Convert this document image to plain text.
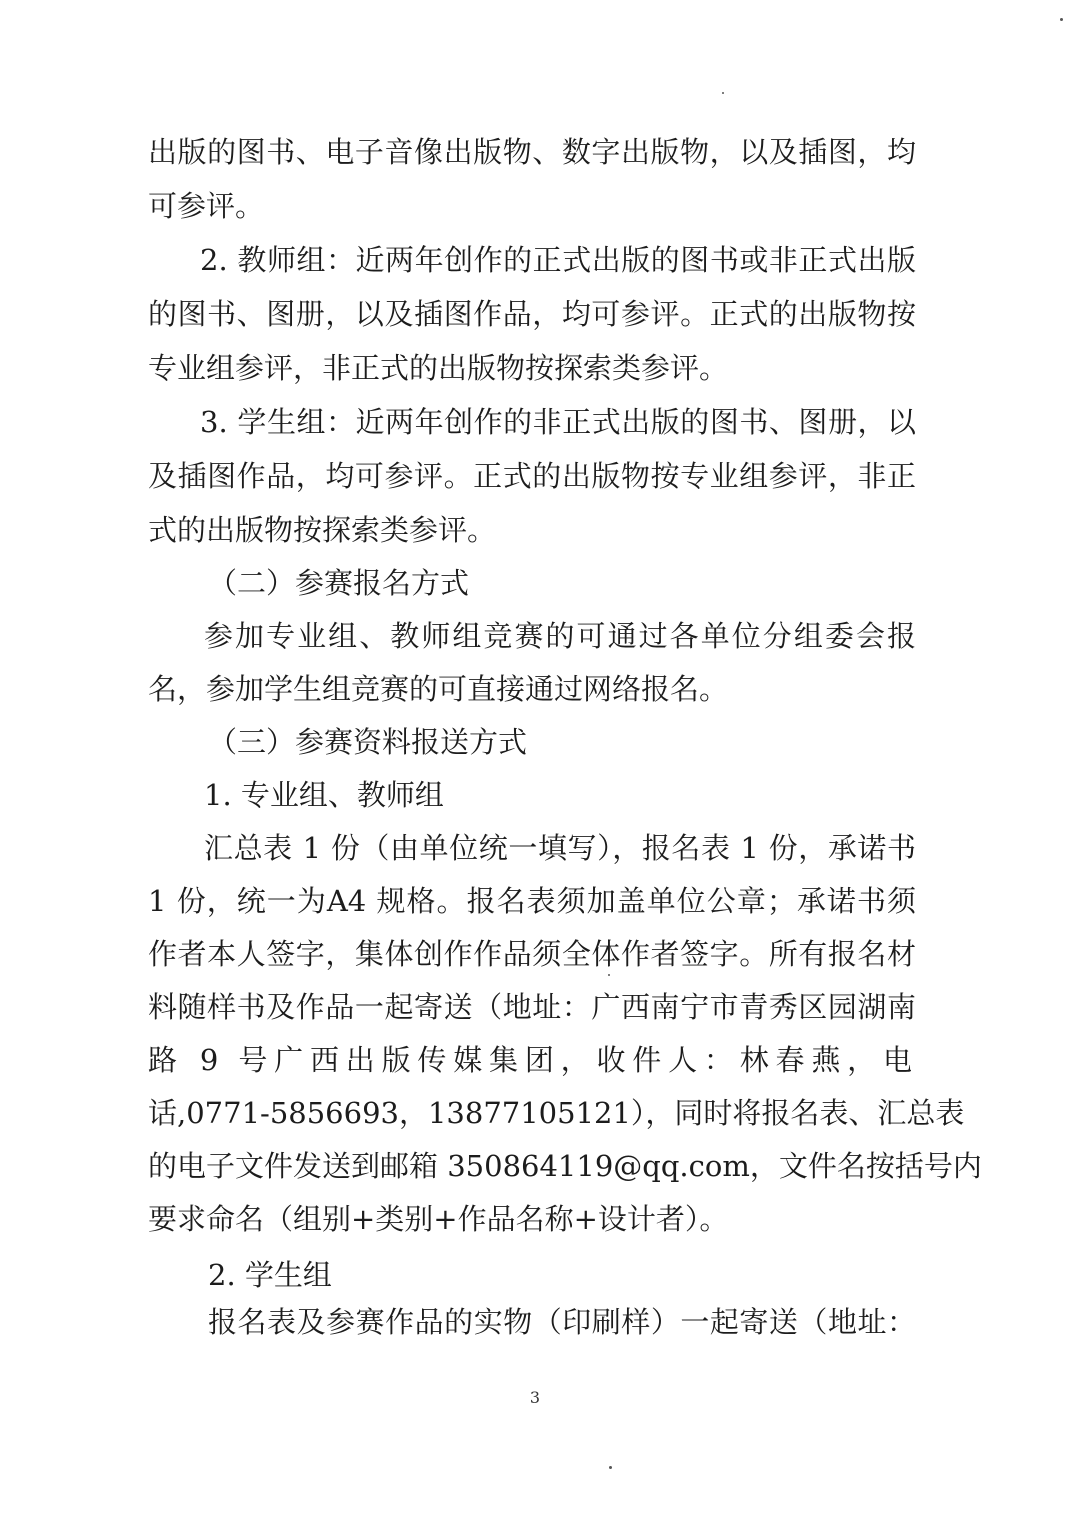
出版的图书、电子音像出版物、数字出版物，以及插图，均

可参评。

2. 教师组：近两年创作的正式出版的图书或非正式出版

的图书、图册，以及插图作品，均可参评。正式的出版物按

专业组参评，非正式的出版物按探索类参评。

3. 学生组：近两年创作的非正式出版的图书、图册，以

及插图作品，均可参评。正式的出版物按专业组参评，非正

式的出版物按探索类参评。

（二）参赛报名方式

参加专业组、教师组竞赛的可通过各单位分组委会报

名，参加学生组竞赛的可直接通过网络报名。

（三）参赛资料报送方式

1. 专业组、教师组

汇总表 1 份（由单位统一填写），报名表 1 份，承诺书

1 份，统一为A4 规格。报名表须加盖单位公章；承诺书须

作者本人签字，集体创作作品须全体作者签字。所有报名材

料随样书及作品一起寄送（地址：广西南宁市青秀区园湖南

路 9 号广西出版传媒集团，收件人：林春燕，电

话,0771-5856693，13877105121），同时将报名表、汇总表

的电子文件发送到邮箱 350864119@qq.com，文件名按括号内

要求命名（组别+类别+作品名称+设计者）。

2. 学生组

报名表及参赛作品的实物（印刷样）一起寄送（地址：

3
